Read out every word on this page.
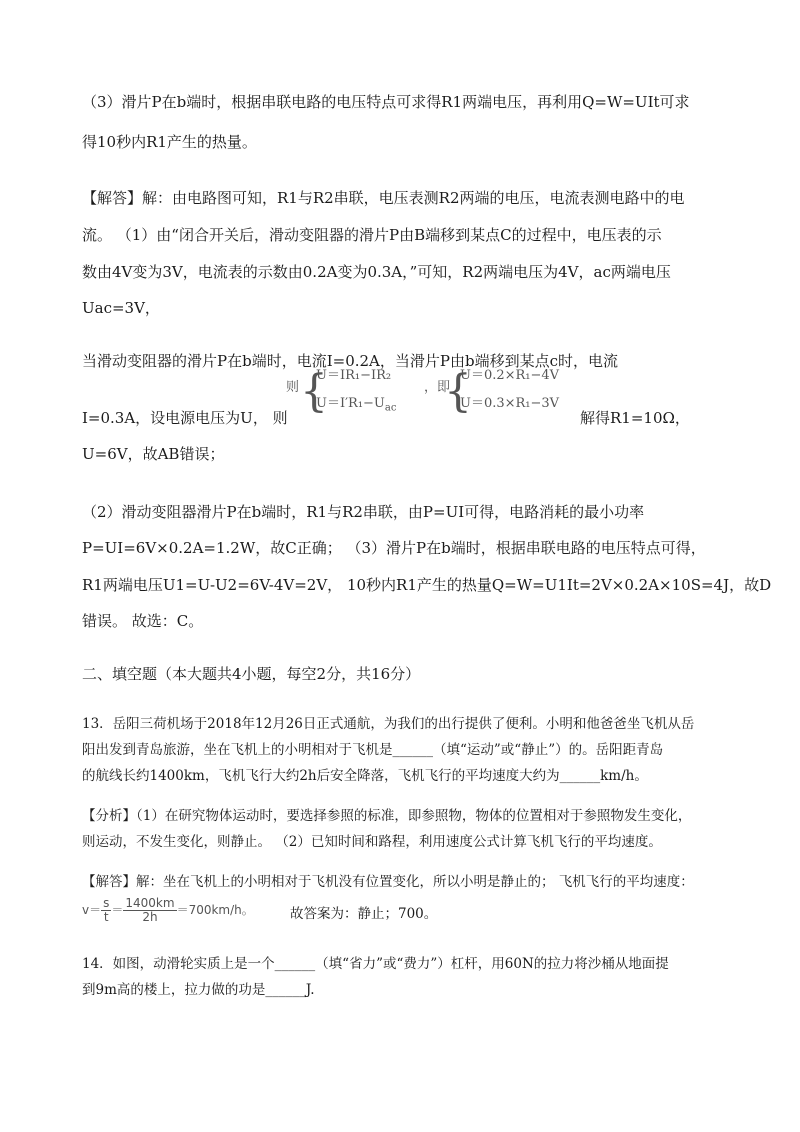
（3）滑片P在b端时，根据串联电路的电压特点可求得R1两端电压，再利用Q=W=UIt可求
得10秒内R1产生的热量。
【解答】解：由电路图可知，R1与R2串联，电压表测R2两端的电压，电流表测电路中的电
流。 （1）由“闭合开关后，滑动变阻器的滑片P由B端移到某点C的过程中，电压表的示
数由4V变为3V，电流表的示数由0.2A变为0.3A，”可知，R2两端电压为4V，ac两端电压
Uac=3V，
当滑动变阻器的滑片P在b端时，电流I=0.2A，当滑片P由b端移到某点c时，电流
I=0.3A，设电源电压为U， 则
则 {
U＝IR₁−IR₂
$U=I'R_1-U_{ac}$
，即
{
U＝0.2×R₁−4V
U＝0.3×R₁−3V
解得R1=10Ω，
U=6V，故AB错误；
（2）滑动变阻器滑片P在b端时，R1与R2串联，由P=UI可得，电路消耗的最小功率
P=UI=6V×0.2A=1.2W，故C正确； （3）滑片P在b端时，根据串联电路的电压特点可得，
R1两端电压U1=U-U2=6V-4V=2V， 10秒内R1产生的热量Q=W=U1It=2V×0.2A×10S=4J，故D
错误。 故选：C。
二、填空题（本大题共4小题，每空2分，共16分）
13．岳阳三荷机场于2018年12月26日正式通航，为我们的出行提供了便利。小明和他爸爸坐飞机从岳
阳出发到青岛旅游，坐在飞机上的小明相对于飞机是______（填“运动”或“静止”）的。岳阳距青岛
的航线长约1400km，飞机飞行大约2h后安全降落，飞机飞行的平均速度大约为______km/h。
【分析】（1）在研究物体运动时，要选择参照的标准，即参照物，物体的位置相对于参照物发生变化，
则运动，不发生变化，则静止。 （2）已知时间和路程，利用速度公式计算飞机飞行的平均速度。
【解答】解：坐在飞机上的小明相对于飞机没有位置变化，所以小明是静止的； 飞机飞行的平均速度：
$v= \frac{s}{t} = \frac{1400km}{2h} =700km/h$。	故答案为：静止；700。
14．如图，动滑轮实质上是一个______（填“省力”或“费力”）杠杆，用60N的拉力将沙桶从地面提
到9m高的楼上，拉力做的功是______J.
